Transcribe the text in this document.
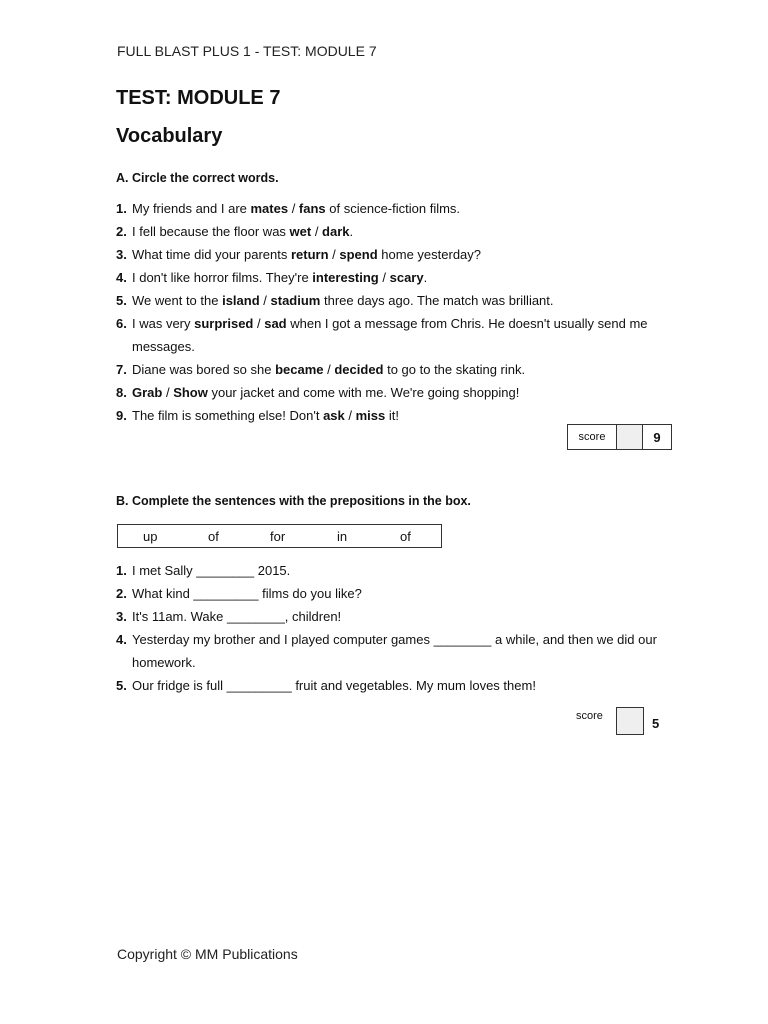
FULL BLAST PLUS 1 - TEST: MODULE 7
TEST: MODULE 7
Vocabulary
A. Circle the correct words.
1. My friends and I are mates / fans of science-fiction films.
2. I fell because the floor was wet / dark.
3. What time did your parents return / spend home yesterday?
4. I don't like horror films. They're interesting / scary.
5. We went to the island / stadium three days ago. The match was brilliant.
6. I was very surprised / sad when I got a message from Chris. He doesn't usually send me messages.
7. Diane was bored so she became / decided to go to the skating rink.
8. Grab / Show your jacket and come with me. We're going shopping!
9. The film is something else! Don't ask / miss it!
score	9
B. Complete the sentences with the prepositions in the box.
up	of	for	in	of
1. I met Sally ________ 2015.
2. What kind _________ films do you like?
3. It's 11am. Wake ________, children!
4. Yesterday my brother and I played computer games ________ a while, and then we did our homework.
5. Our fridge is full _________ fruit and vegetables. My mum loves them!
score	5
Copyright © MM Publications
